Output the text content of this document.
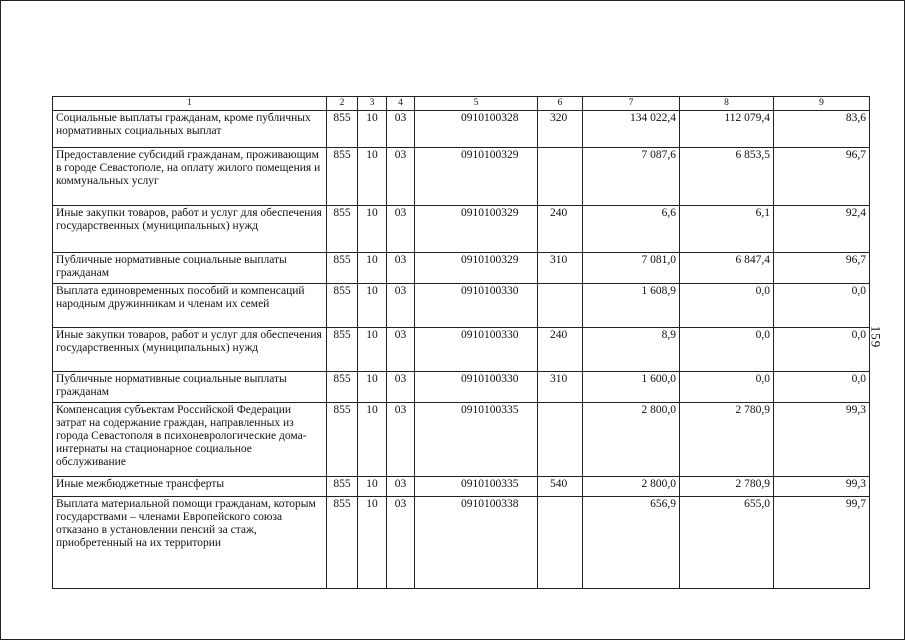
1	2	3	4	5	6	7	8	9
Социальные выплаты гражданам, кроме публичных нормативных социальных выплат	855	10	03	0910100328	320	134 022,4	112 079,4	83,6
Предоставление субсидий гражданам, проживающим в городе Севастополе, на оплату жилого помещения и коммунальных услуг	855	10	03	0910100329		7 087,6	6 853,5	96,7
Иные закупки товаров, работ и услуг для обеспечения государственных (муниципальных) нужд	855	10	03	0910100329	240	6,6	6,1	92,4
Публичные нормативные социальные выплаты гражданам	855	10	03	0910100329	310	7 081,0	6 847,4	96,7
Выплата единовременных пособий и компенсаций народным дружинникам и членам их семей	855	10	03	0910100330		1 608,9	0,0	0,0
Иные закупки товаров, работ и услуг для обеспечения государственных (муниципальных) нужд	855	10	03	0910100330	240	8,9	0,0	0,0
Публичные нормативные социальные выплаты гражданам	855	10	03	0910100330	310	1 600,0	0,0	0,0
Компенсация субъектам Российской Федерации затрат на содержание граждан, направленных из города Севастополя в психоневрологические дома-интернаты на стационарное социальное обслуживание	855	10	03	0910100335		2 800,0	2 780,9	99,3
Иные межбюджетные трансферты	855	10	03	0910100335	540	2 800,0	2 780,9	99,3
Выплата материальной помощи гражданам, которым государствами – членами Европейского союза отказано в установлении пенсий за стаж, приобретенный на их территории	855	10	03	0910100338		656,9	655,0	99,7
159
